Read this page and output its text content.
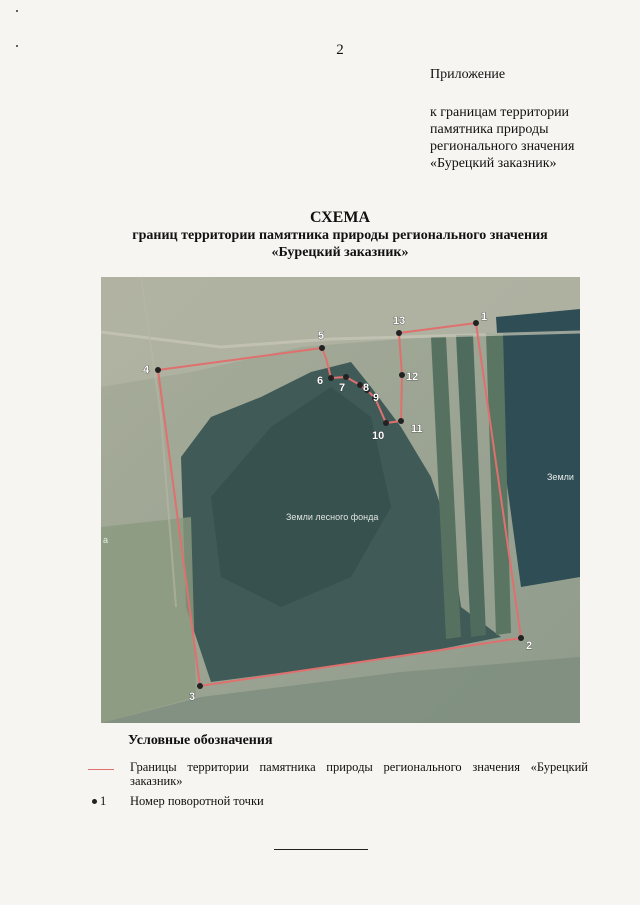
2
Приложение
к границам территории
памятника природы
регионального значения
«Бурецкий заказник»
СХЕМА
границ территории памятника природы регионального значения
«Бурецкий заказник»
1
2
3
4
5
6
7 8
9
10
11
12
13
Земли лесного фонда
Земли
а
Условные обозначения
Границы территории памятника природы регионального значения «Бурецкий заказник»
1 Номер поворотной точки
